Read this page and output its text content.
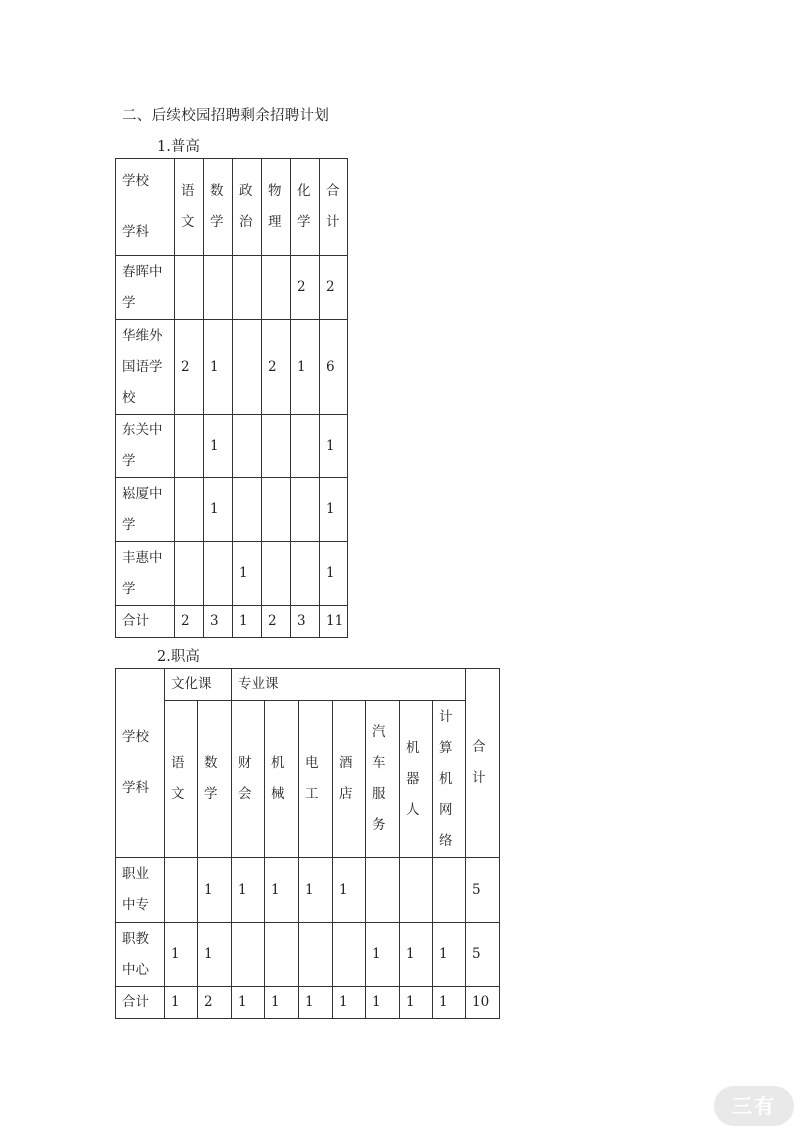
二、后续校园招聘剩余招聘计划
1.普高
学校
学科	语文	数学	政治	物理	化学	合计

春晖中学					2	2
华维外国语学校	2	1		2	1	6
东关中学		1				1
崧厦中学		1				1
丰惠中学			1			1
合计	2	3	1	2	3	11
2.职高
学校
学科	文化课		专业课							合计

	语文	数学	财会	机械	电工	酒店	汽车服务	机器人	计算机网络	

职业中专		1	1	1	1	1				5

职教中心	1	1					1	1	1	5
合计	1	2	1	1	1	1	1	1	1	10
三有
